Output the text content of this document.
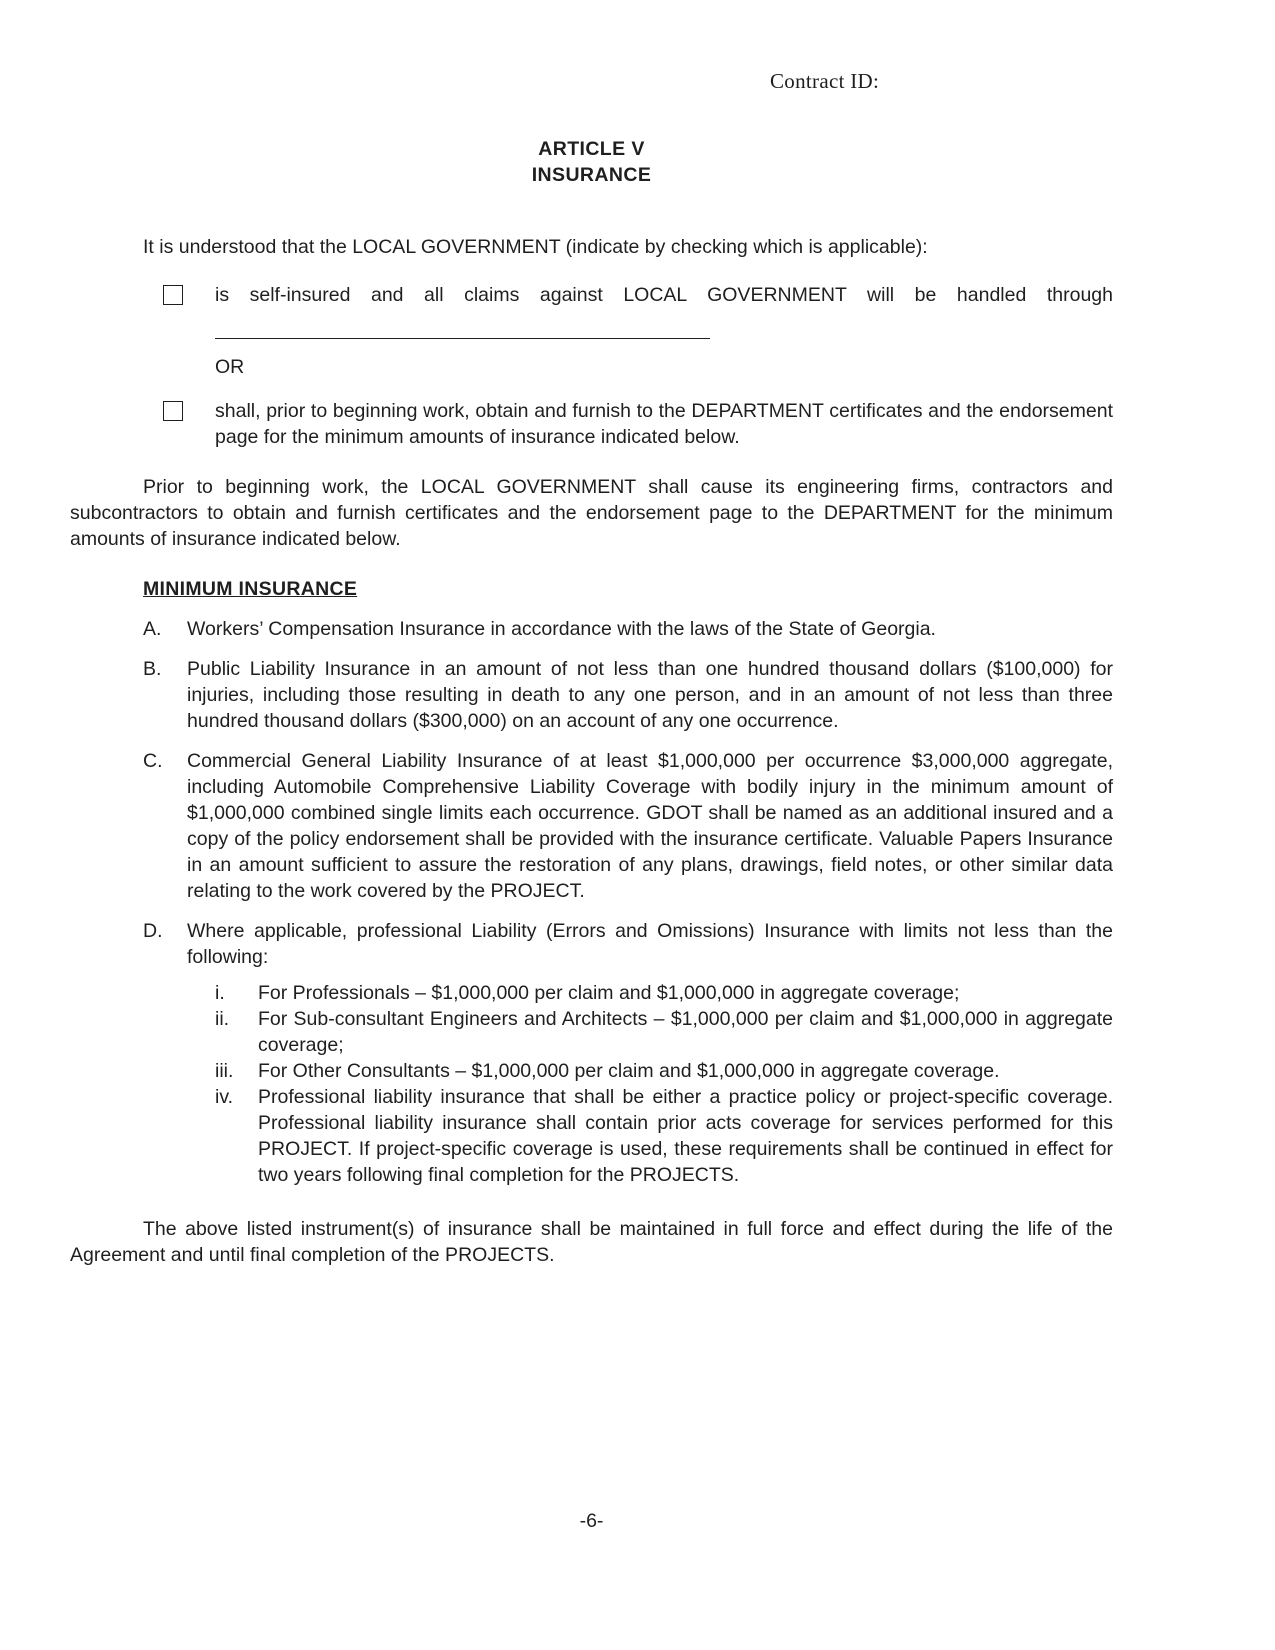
Contract ID:
ARTICLE V
INSURANCE

It is understood that the LOCAL GOVERNMENT (indicate by checking which is applicable):

is self-insured and all claims against LOCAL GOVERNMENT will be handled through
OR
shall, prior to beginning work, obtain and furnish to the DEPARTMENT certificates and the endorsement page for the minimum amounts of insurance indicated below.

Prior to beginning work, the LOCAL GOVERNMENT shall cause its engineering firms, contractors and subcontractors to obtain and furnish certificates and the endorsement page to the DEPARTMENT for the minimum amounts of insurance indicated below.

MINIMUM INSURANCE
A.	Workers’ Compensation Insurance in accordance with the laws of the State of Georgia.
B.	Public Liability Insurance in an amount of not less than one hundred thousand dollars ($100,000) for injuries, including those resulting in death to any one person, and in an amount of not less than three hundred thousand dollars ($300,000) on an account of any one occurrence.
C.	Commercial General Liability Insurance of at least $1,000,000 per occurrence $3,000,000 aggregate, including Automobile Comprehensive Liability Coverage with bodily injury in the minimum amount of $1,000,000 combined single limits each occurrence. GDOT shall be named as an additional insured and a copy of the policy endorsement shall be provided with the insurance certificate. Valuable Papers Insurance in an amount sufficient to assure the restoration of any plans, drawings, field notes, or other similar data relating to the work covered by the PROJECT.
D.	Where applicable, professional Liability (Errors and Omissions) Insurance with limits not less than the following:
i.	For Professionals – $1,000,000 per claim and $1,000,000 in aggregate coverage;
ii.	For Sub-consultant Engineers and Architects – $1,000,000 per claim and $1,000,000 in aggregate coverage;
iii.	For Other Consultants – $1,000,000 per claim and $1,000,000 in aggregate coverage.
iv.	Professional liability insurance that shall be either a practice policy or project-specific coverage. Professional liability insurance shall contain prior acts coverage for services performed for this PROJECT. If project-specific coverage is used, these requirements shall be continued in effect for two years following final completion for the PROJECTS.

The above listed instrument(s) of insurance shall be maintained in full force and effect during the life of the Agreement and until final completion of the PROJECTS.

-6-
